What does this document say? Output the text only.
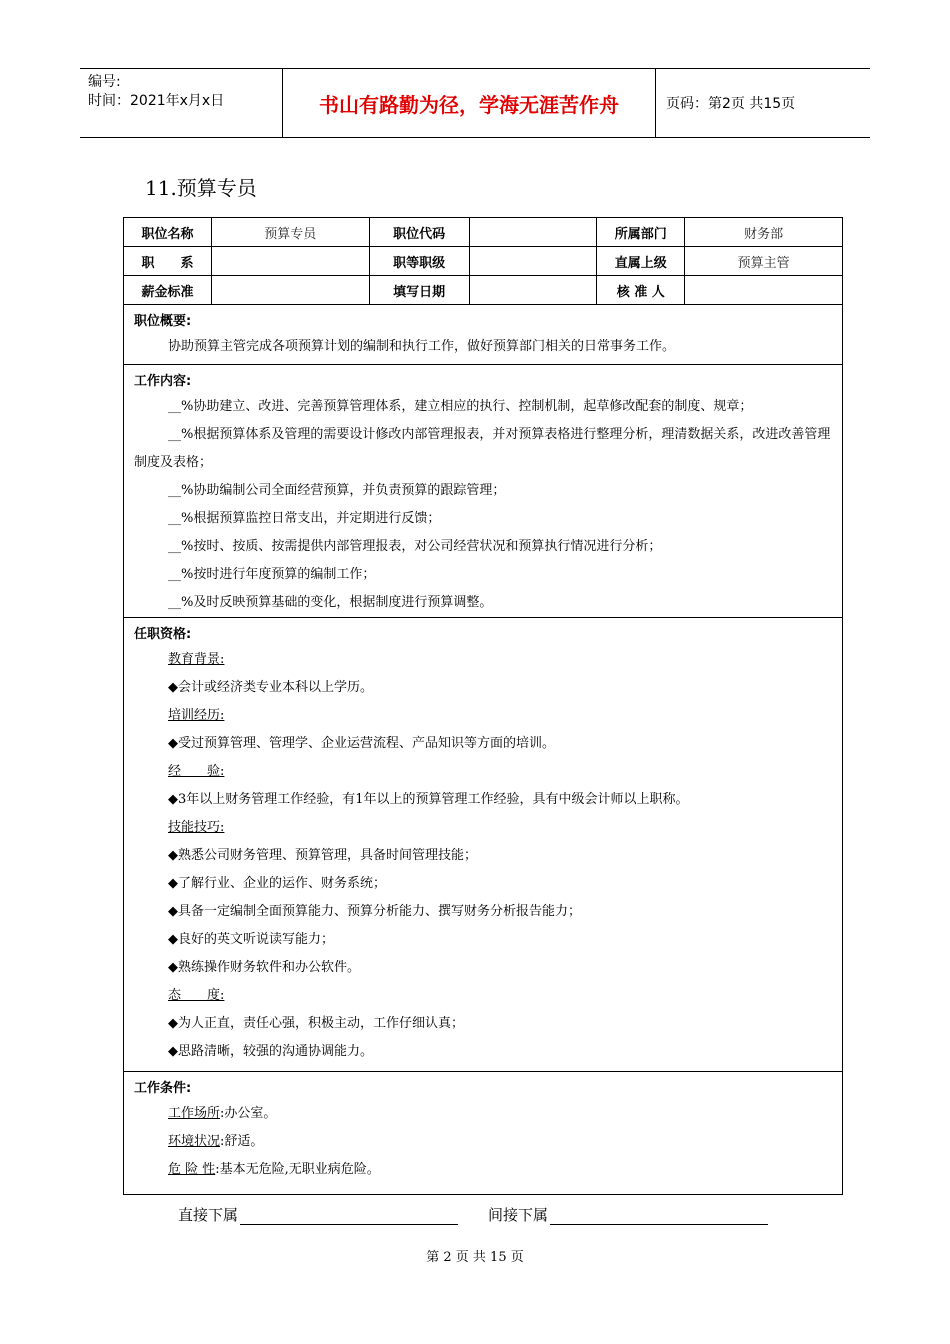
编号:
时间：2021年x月x日	书山有路勤为径，学海无涯苦作舟	页码：第2页 共15页
11.预算专员
职位名称	预算专员	职位代码		所属部门	财务部
职　　系		职等职级		直属上级	预算主管
薪金标准		填写日期		核 准 人	
职位概要:
协助预算主管完成各项预算计划的编制和执行工作，做好预算部门相关的日常事务工作。
工作内容:
__%协助建立、改进、完善预算管理体系，建立相应的执行、控制机制，起草修改配套的制度、规章；
__%根据预算体系及管理的需要设计修改内部管理报表，并对预算表格进行整理分析，理清数据关系，改进改善管理制度及表格；
__%协助编制公司全面经营预算，并负责预算的跟踪管理；
__%根据预算监控日常支出，并定期进行反馈；
__%按时、按质、按需提供内部管理报表，对公司经营状况和预算执行情况进行分析；
__%按时进行年度预算的编制工作；
__%及时反映预算基础的变化，根据制度进行预算调整。
任职资格:
教育背景:
◆会计或经济类专业本科以上学历。
培训经历:
◆受过预算管理、管理学、企业运营流程、产品知识等方面的培训。
经　　验:
◆3年以上财务管理工作经验，有1年以上的预算管理工作经验，具有中级会计师以上职称。
技能技巧:
◆熟悉公司财务管理、预算管理，具备时间管理技能；
◆了解行业、企业的运作、财务系统；
◆具备一定编制全面预算能力、预算分析能力、撰写财务分析报告能力；
◆良好的英文听说读写能力；
◆熟练操作财务软件和办公软件。
态　　度:
◆为人正直，责任心强，积极主动，工作仔细认真；
◆思路清晰，较强的沟通协调能力。
工作条件:
工作场所:办公室。
环境状况:舒适。
危 险 性:基本无危险,无职业病危险。
直接下属	间接下属
第 2 页 共 15 页
